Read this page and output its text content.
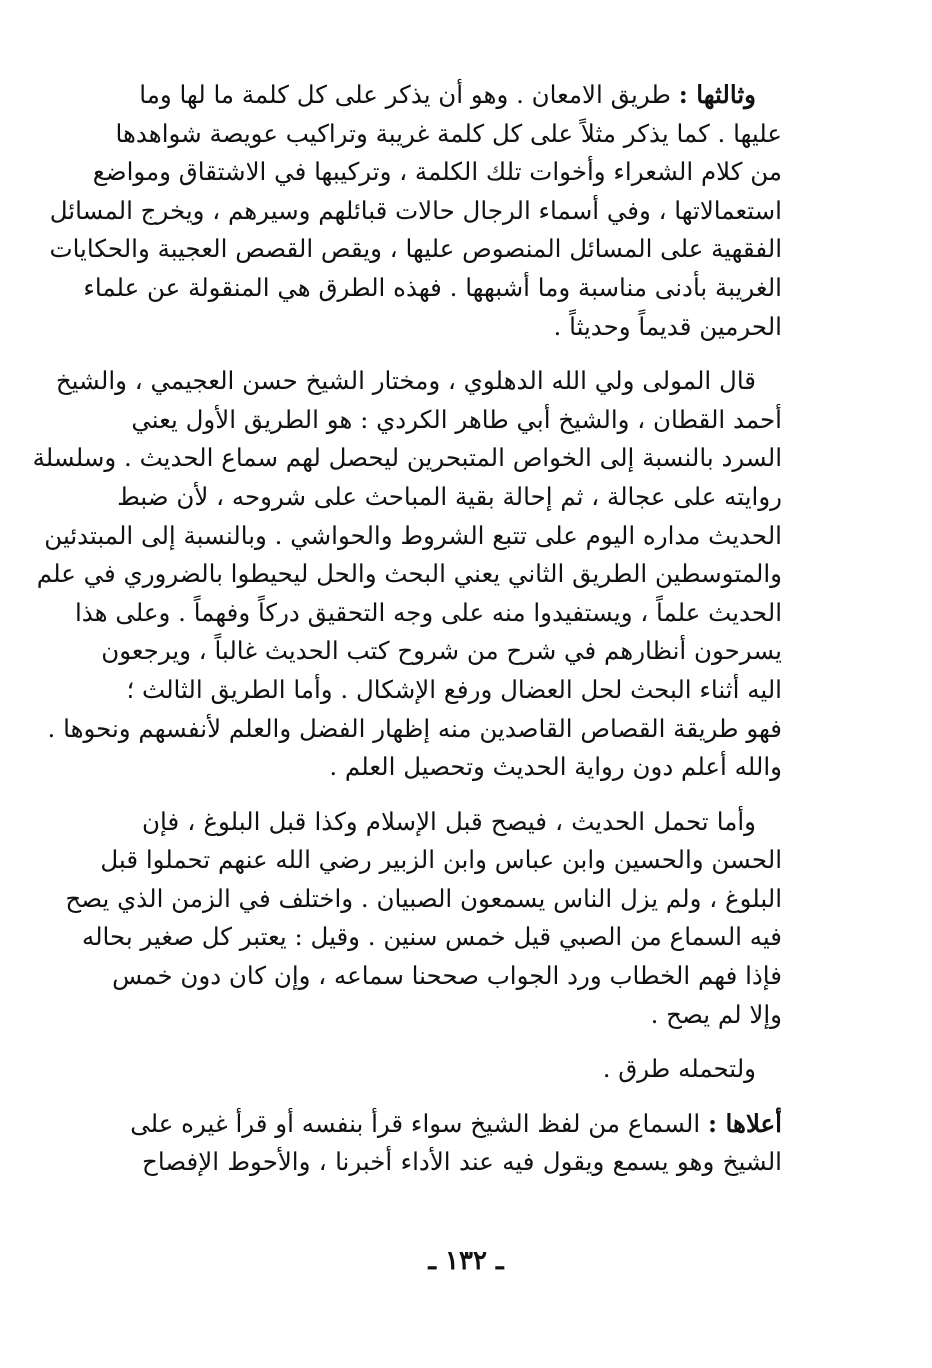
وثالثها : طريق الامعان . وهو أن يذكر على كل كلمة ما لها وما
عليها . كما يذكر مثلاً على كل كلمة غريبة وتراكيب عويصة شواهدها
من كلام الشعراء وأخوات تلك الكلمة ، وتركيبها في الاشتقاق ومواضع
استعمالاتها ، وفي أسماء الرجال حالات قبائلهم وسيرهم ، ويخرج المسائل
الفقهية على المسائل المنصوص عليها ، ويقص القصص العجيبة والحكايات
الغريبة بأدنى مناسبة وما أشبهها . فهذه الطرق هي المنقولة عن علماء
الحرمين قديماً وحديثاً .
قال المولى ولي الله الدهلوي ، ومختار الشيخ حسن العجيمي ، والشيخ
أحمد القطان ، والشيخ أبي طاهر الكردي : هو الطريق الأول يعني
السرد بالنسبة إلى الخواص المتبحرين ليحصل لهم سماع الحديث . وسلسلة
روايته على عجالة ، ثم إحالة بقية المباحث على شروحه ، لأن ضبط
الحديث مداره اليوم على تتبع الشروط والحواشي . وبالنسبة إلى المبتدئين
والمتوسطين الطريق الثاني يعني البحث والحل ليحيطوا بالضروري في علم
الحديث علماً ، ويستفيدوا منه على وجه التحقيق دركاً وفهماً . وعلى هذا
يسرحون أنظارهم في شرح من شروح كتب الحديث غالباً ، ويرجعون
اليه أثناء البحث لحل العضال ورفع الإشكال . وأما الطريق الثالث ؛
فهو طريقة القصاص القاصدين منه إظهار الفضل والعلم لأنفسهم ونحوها .
والله أعلم دون رواية الحديث وتحصيل العلم .
وأما تحمل الحديث ، فيصح قبل الإسلام وكذا قبل البلوغ ، فإن
الحسن والحسين وابن عباس وابن الزبير رضي الله عنهم تحملوا قبل
البلوغ ، ولم يزل الناس يسمعون الصبيان . واختلف في الزمن الذي يصح
فيه السماع من الصبي قيل خمس سنين . وقيل : يعتبر كل صغير بحاله
فإذا فهم الخطاب ورد الجواب صححنا سماعه ، وإن كان دون خمس
وإلا لم يصح .
ولتحمله طرق .
أعلاها : السماع من لفظ الشيخ سواء قرأ بنفسه أو قرأ غيره على
الشيخ وهو يسمع ويقول فيه عند الأداء أخبرنا ، والأحوط الإفصاح
ـ ١٣٢ ـ
